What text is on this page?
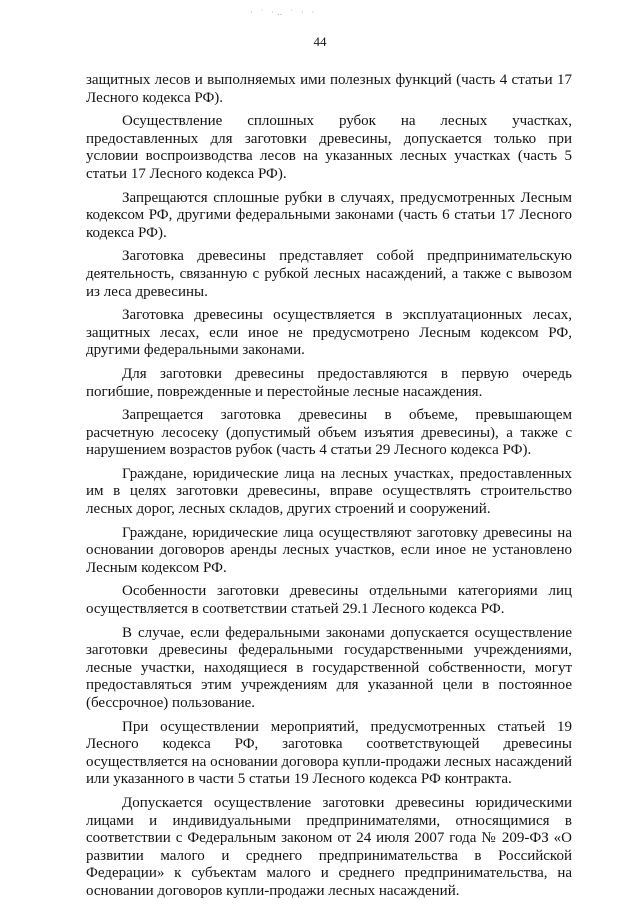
· ˙ ·‥ ˙ · ·
44

защитных лесов и выполняемых ими полезных функций (часть 4 статьи 17 Лесного кодекса РФ).

Осуществление сплошных рубок на лесных участках, предоставленных для заготовки древесины, допускается только при условии воспроизводства лесов на указанных лесных участках (часть 5 статьи 17 Лесного кодекса РФ).

Запрещаются сплошные рубки в случаях, предусмотренных Лесным кодексом РФ, другими федеральными законами (часть 6 статьи 17 Лесного кодекса РФ).

Заготовка древесины представляет собой предпринимательскую деятельность, связанную с рубкой лесных насаждений, а также с вывозом из леса древесины.

Заготовка древесины осуществляется в эксплуатационных лесах, защитных лесах, если иное не предусмотрено Лесным кодексом РФ, другими федеральными законами.

Для заготовки древесины предоставляются в первую очередь погибшие, поврежденные и перестойные лесные насаждения.

Запрещается заготовка древесины в объеме, превышающем расчетную лесосеку (допустимый объем изъятия древесины), а также с нарушением возрастов рубок (часть 4 статьи 29 Лесного кодекса РФ).

Граждане, юридические лица на лесных участках, предоставленных им в целях заготовки древесины, вправе осуществлять строительство лесных дорог, лесных складов, других строений и сооружений.

Граждане, юридические лица осуществляют заготовку древесины на основании договоров аренды лесных участков, если иное не установлено Лесным кодексом РФ.

Особенности заготовки древесины отдельными категориями лиц осуществляется в соответствии статьей 29.1 Лесного кодекса РФ.

В случае, если федеральными законами допускается осуществление заготовки древесины федеральными государственными учреждениями, лесные участки, находящиеся в государственной собственности, могут предоставляться этим учреждениям для указанной цели в постоянное (бессрочное) пользование.

При осуществлении мероприятий, предусмотренных статьей 19 Лесного кодекса РФ, заготовка соответствующей древесины осуществляется на основании договора купли-продажи лесных насаждений или указанного в части 5 статьи 19 Лесного кодекса РФ контракта.

Допускается осуществление заготовки древесины юридическими лицами и индивидуальными предпринимателями, относящимися в соответствии с Федеральным законом от 24 июля 2007 года № 209-ФЗ «О развитии малого и среднего предпринимательства в Российской Федерации» к субъектам малого и среднего предпринимательства, на основании договоров купли-продажи лесных насаждений.
